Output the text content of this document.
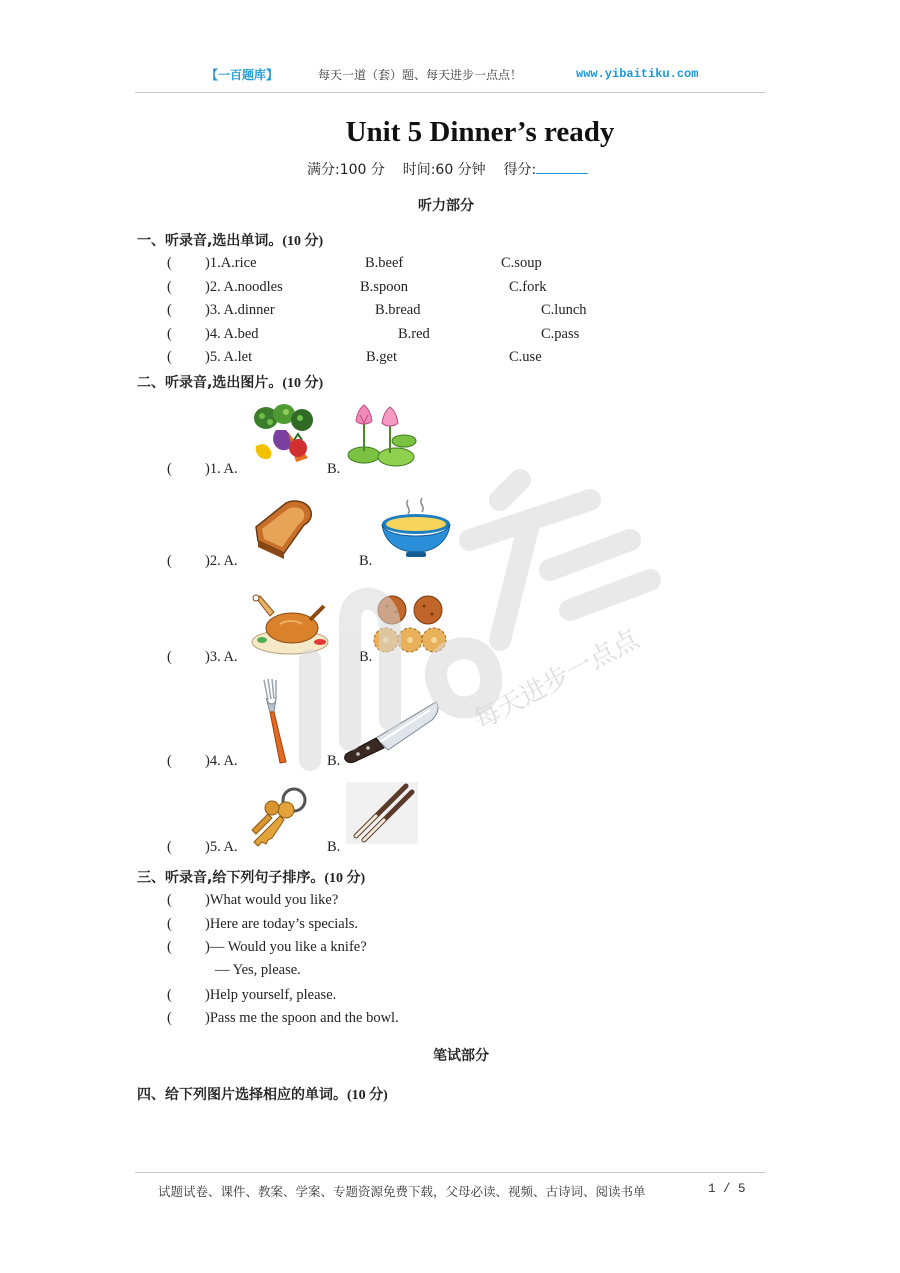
【一百题库】	每天一道（套）题、每天进步一点点！	www.yibaitiku.com
Unit 5 Dinner’s ready
满分:100 分 时间:60 分钟 得分:
听力部分
一、听录音,选出单词。(10 分)
( )1.A.rice	B.beef	C.soup
( )2. A.noodles	B.spoon	C.fork
( )3. A.dinner	B.bread	C.lunch
( )4. A.bed	B.red	C.pass
( )5. A.let	B.get	C.use
二、听录音,选出图片。(10 分)
( )1. A.	B.
( )2. A.	B.
( )3. A.	B.
( )4. A.	B.
( )5. A.	B.
三、听录音,给下列句子排序。(10 分)
( )What would you like?
( )Here are today’s specials.
( )— Would you like a knife?
— Yes, please.
( )Help yourself, please.
( )Pass me the spoon and the bowl.
笔试部分
四、给下列图片选择相应的单词。(10 分)
每天进步一点点
试题试卷、课件、教案、学案、专题资源免费下载，父母必读、视频、古诗词、阅读书单	1 / 5
